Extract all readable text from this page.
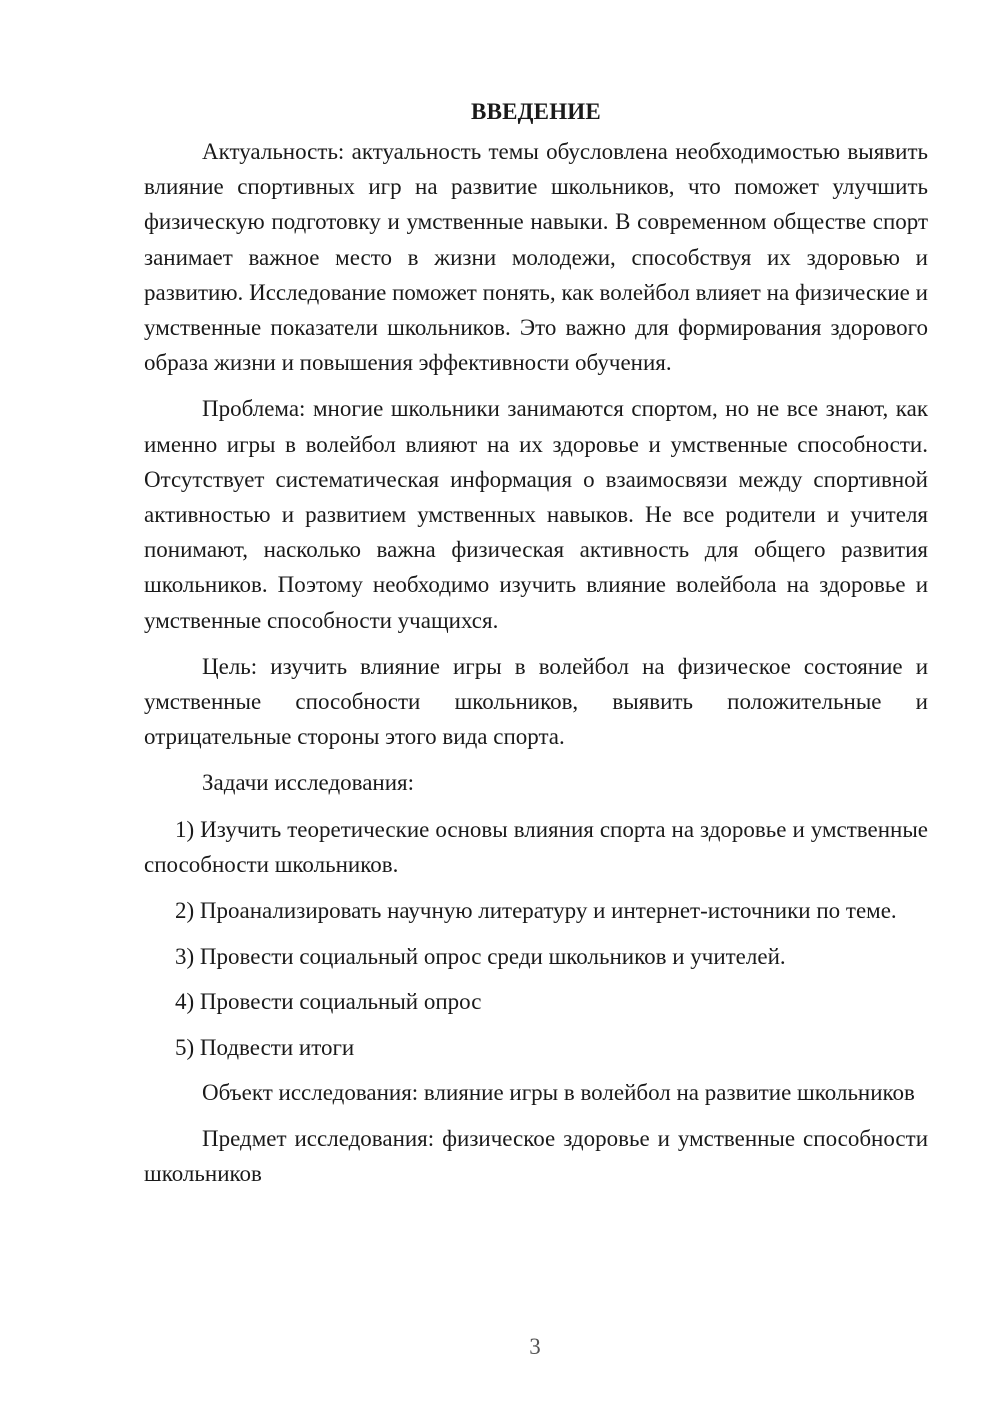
ВВЕДЕНИЕ

Актуальность: актуальность темы обусловлена необходимостью выявить влияние спортивных игр на развитие школьников, что поможет улучшить физическую подготовку и умственные навыки. В современном обществе спорт занимает важное место в жизни молодежи, способствуя их здоровью и развитию. Исследование поможет понять, как волейбол влияет на физические и умственные показатели школьников. Это важно для формирования здорового образа жизни и повышения эффективности обучения.

Проблема: многие школьники занимаются спортом, но не все знают, как именно игры в волейбол влияют на их здоровье и умственные способности. Отсутствует систематическая информация о взаимосвязи между спортивной активностью и развитием умственных навыков. Не все родители и учителя понимают, насколько важна физическая активность для общего развития школьников. Поэтому необходимо изучить влияние волейбола на здоровье и умственные способности учащихся.

Цель: изучить влияние игры в волейбол на физическое состояние и умственные способности школьников, выявить положительные и отрицательные стороны этого вида спорта.

Задачи исследования:

1) Изучить теоретические основы влияния спорта на здоровье и умственные способности школьников.

2) Проанализировать научную литературу и интернет-источники по теме.

3) Провести социальный опрос среди школьников и учителей.

4) Провести социальный опрос

5) Подвести итоги

Объект исследования: влияние игры в волейбол на развитие школьников

Предмет исследования: физическое здоровье и умственные способности школьников

3
